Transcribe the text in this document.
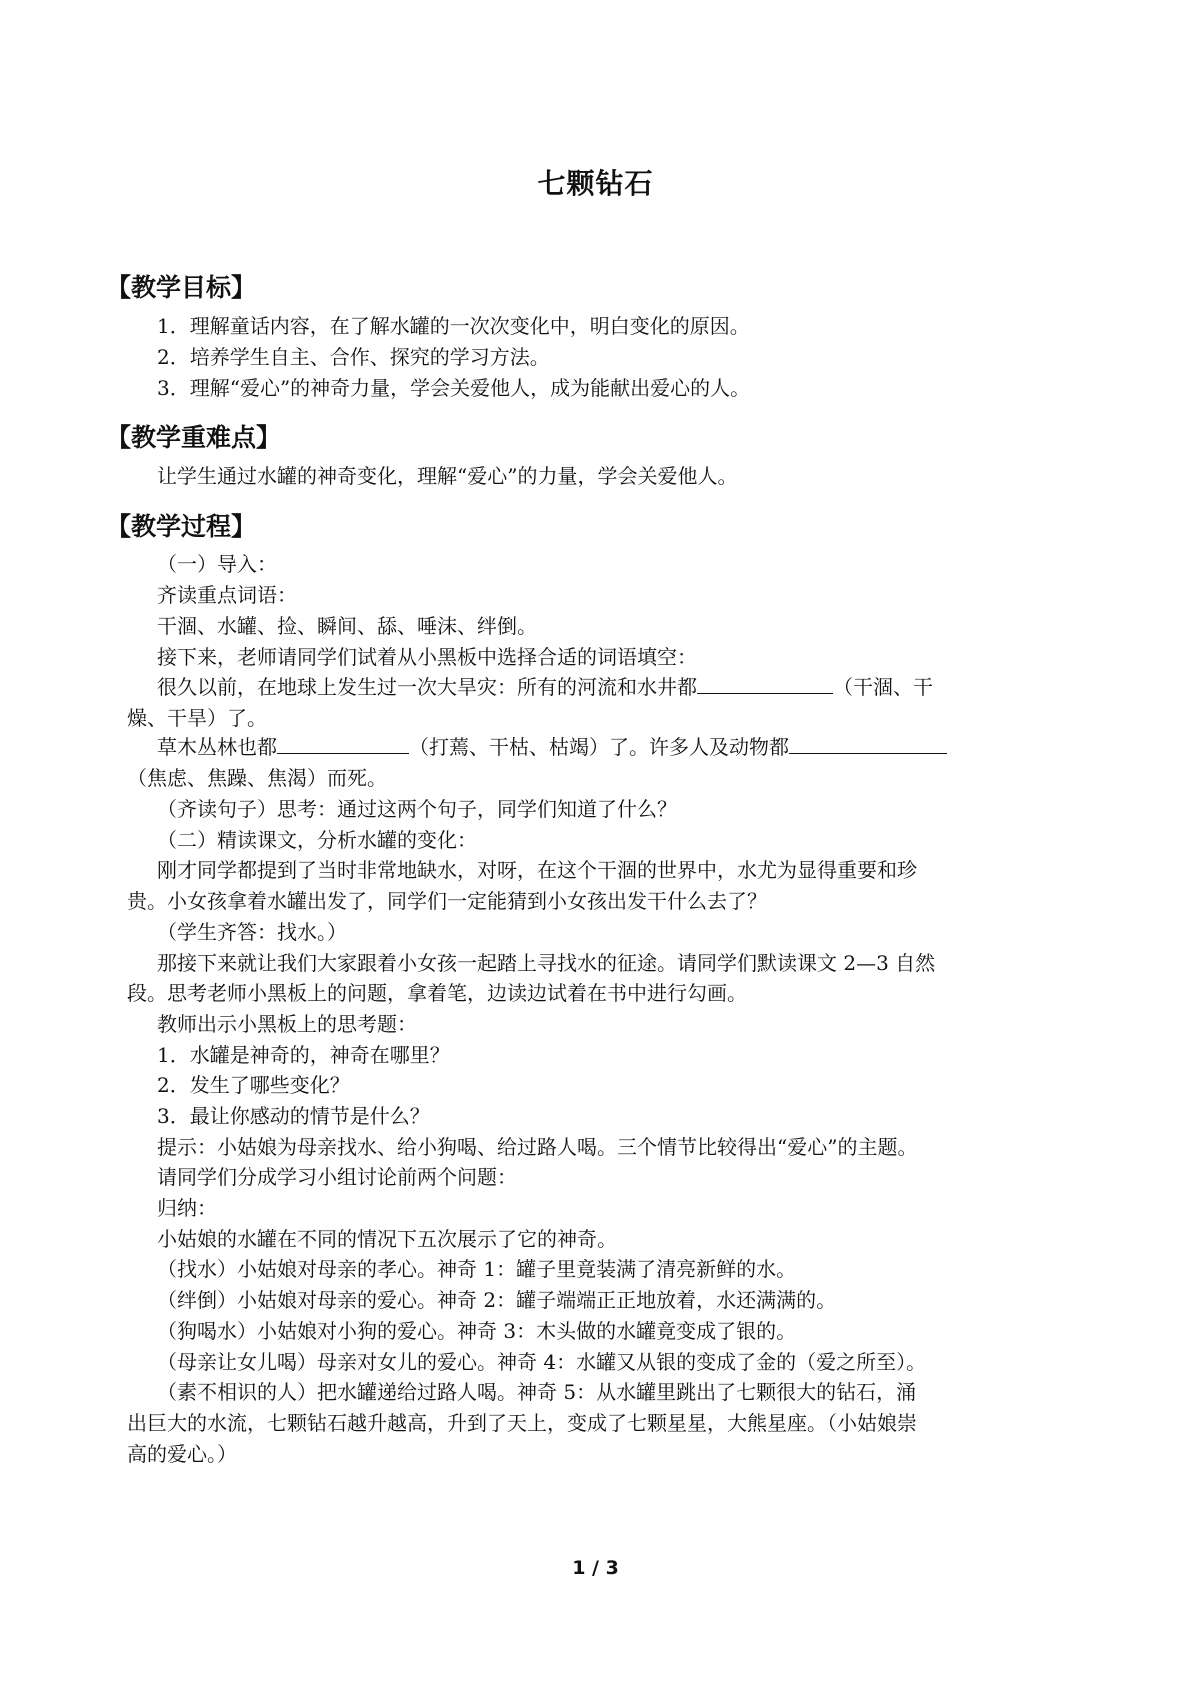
七颗钻石
【教学目标】
1．理解童话内容，在了解水罐的一次次变化中，明白变化的原因。
2．培养学生自主、合作、探究的学习方法。
3．理解“爱心”的神奇力量，学会关爱他人，成为能献出爱心的人。
【教学重难点】
让学生通过水罐的神奇变化，理解“爱心”的力量，学会关爱他人。
【教学过程】
（一）导入：
齐读重点词语：
干涸、水罐、捡、瞬间、舔、唾沫、绊倒。
接下来，老师请同学们试着从小黑板中选择合适的词语填空：
很久以前，在地球上发生过一次大旱灾：所有的河流和水井都	（干涸、干
燥、干旱）了。
草木丛林也都	（打蔫、干枯、枯竭）了。许多人及动物都
（焦虑、焦躁、焦渴）而死。
（齐读句子）思考：通过这两个句子，同学们知道了什么？
（二）精读课文，分析水罐的变化：
刚才同学都提到了当时非常地缺水，对呀，在这个干涸的世界中，水尤为显得重要和珍
贵。小女孩拿着水罐出发了，同学们一定能猜到小女孩出发干什么去了？
（学生齐答：找水。）
那接下来就让我们大家跟着小女孩一起踏上寻找水的征途。请同学们默读课文 2—3 自然
段。思考老师小黑板上的问题，拿着笔，边读边试着在书中进行勾画。
教师出示小黑板上的思考题：
1．水罐是神奇的，神奇在哪里？
2．发生了哪些变化？
3．最让你感动的情节是什么？
提示：小姑娘为母亲找水、给小狗喝、给过路人喝。三个情节比较得出“爱心”的主题。
请同学们分成学习小组讨论前两个问题：
归纳：
小姑娘的水罐在不同的情况下五次展示了它的神奇。
（找水）小姑娘对母亲的孝心。神奇 1：罐子里竟装满了清亮新鲜的水。
（绊倒）小姑娘对母亲的爱心。神奇 2：罐子端端正正地放着，水还满满的。
（狗喝水）小姑娘对小狗的爱心。神奇 3：木头做的水罐竟变成了银的。
（母亲让女儿喝）母亲对女儿的爱心。神奇 4：水罐又从银的变成了金的（爱之所至）。
（素不相识的人）把水罐递给过路人喝。神奇 5：从水罐里跳出了七颗很大的钻石，涌
出巨大的水流，七颗钻石越升越高，升到了天上，变成了七颗星星，大熊星座。（小姑娘崇
高的爱心。）
1 / 3
